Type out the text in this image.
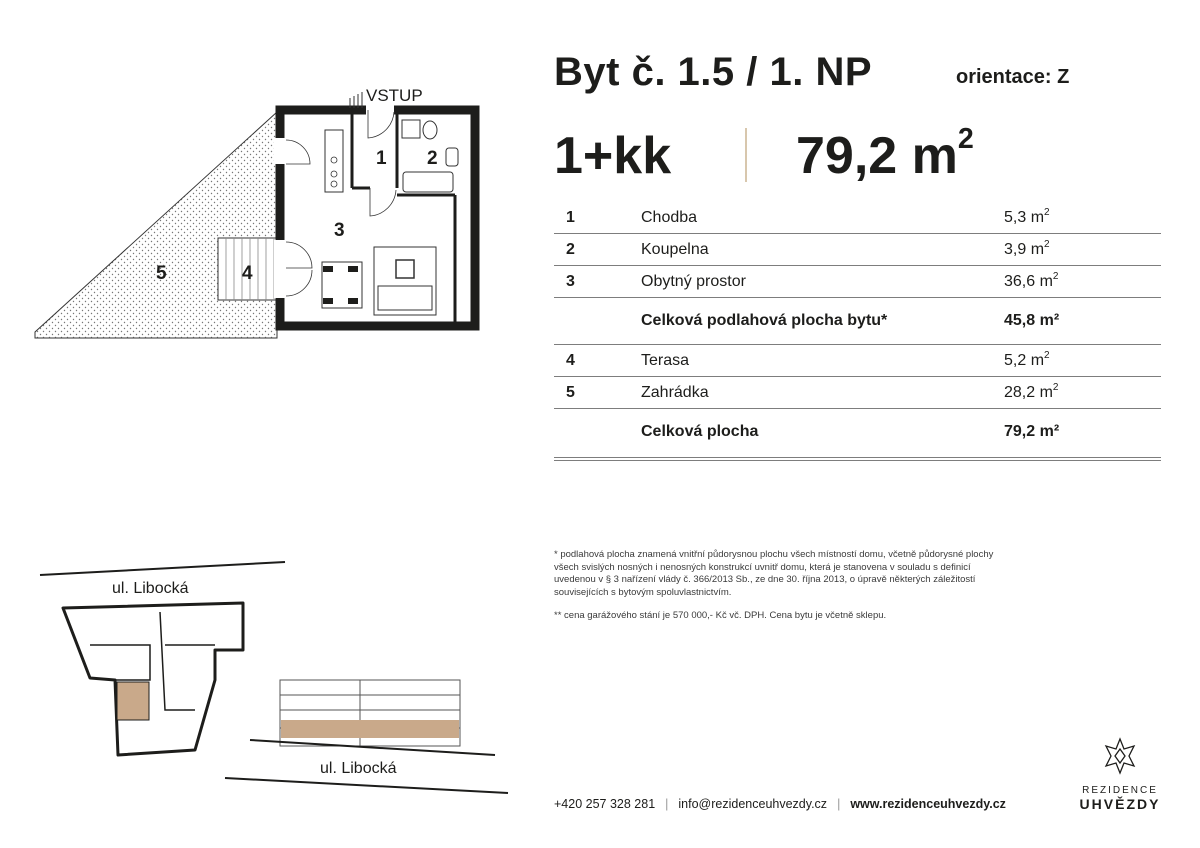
VSTUP
1 2
3
4
5
Byt č. 1.5 / 1. NP	orientace: Z
1+kk 79,2 $m^2$
1	Chodba	5,3 $m^2$
2	Koupelna	3,9 $m^2$
3	Obytný prostor	36,6 $m^2$
Celková podlahová plocha bytu*	45,8 m²
4	Terasa	5,2 $m^2$
5	Zahrádka	28,2 $m^2$
Celková plocha	79,2 m²

* podlahová plocha znamená vnitřní půdorysnou plochu všech místností domu, včetně půdorysné plochy všech svislých nosných i nenosných konstrukcí uvnitř domu, která je stanovena v souladu s definicí uvedenou v § 3 nařízení vlády č. 366/2013 Sb., ze dne 30. října 2013, o úpravě některých záležitostí souvisejících s bytovým spoluvlastnictvím.

** cena garážového stání je 570 000,- Kč vč. DPH. Cena bytu je včetně sklepu.

ul. Libocká
ul. Libocká
+420 257 328 281 | info@rezidenceuhvezdy.cz | www.rezidenceuhvezdy.cz
REZIDENCE
UHVĚZDY
